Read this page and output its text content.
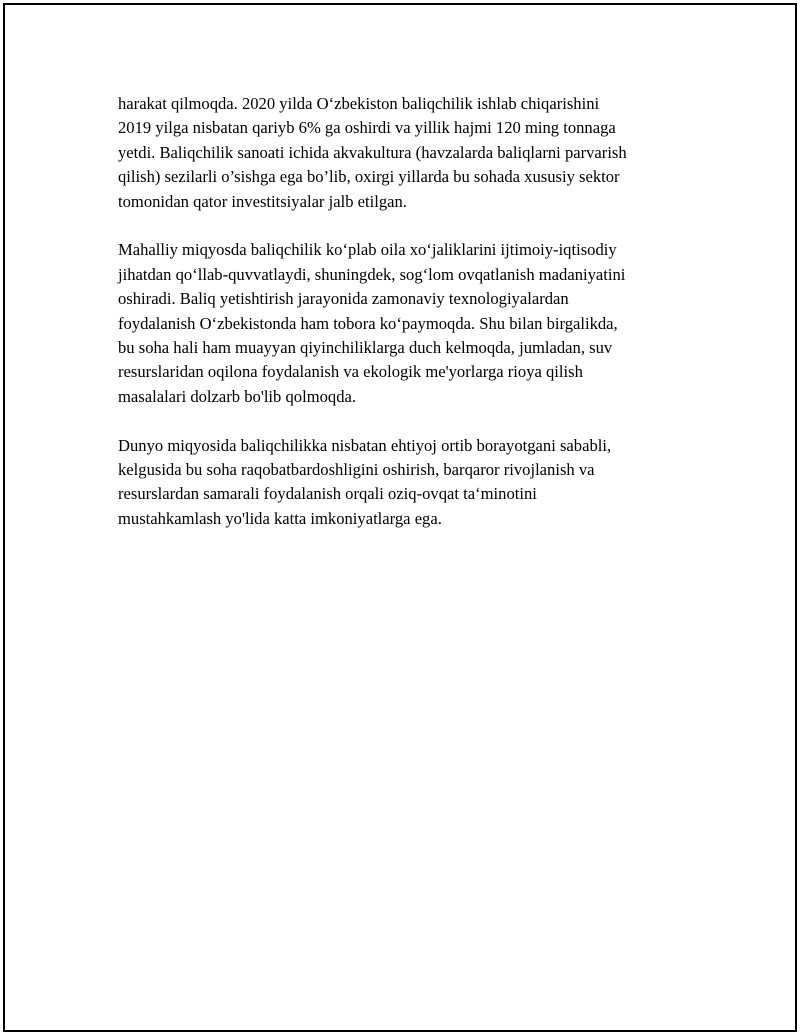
harakat qilmoqda. 2020 yilda O‘zbekiston baliqchilik ishlab chiqarishini
2019 yilga nisbatan qariyb 6% ga oshirdi va yillik hajmi 120 ming tonnaga
yetdi. Baliqchilik sanoati ichida akvakultura (havzalarda baliqlarni parvarish
qilish) sezilarli o’sishga ega bo’lib, oxirgi yillarda bu sohada xususiy sektor
tomonidan qator investitsiyalar jalb etilgan.

Mahalliy miqyosda baliqchilik ko‘plab oila xo‘jaliklarini ijtimoiy-iqtisodiy
jihatdan qo‘llab-quvvatlaydi, shuningdek, sog‘lom ovqatlanish madaniyatini
oshiradi. Baliq yetishtirish jarayonida zamonaviy texnologiyalardan
foydalanish O‘zbekistonda ham tobora ko‘paymoqda. Shu bilan birgalikda,
bu soha hali ham muayyan qiyinchiliklarga duch kelmoqda, jumladan, suv
resurslaridan oqilona foydalanish va ekologik me'yorlarga rioya qilish
masalalari dolzarb bo'lib qolmoqda.

Dunyo miqyosida baliqchilikka nisbatan ehtiyoj ortib borayotgani sababli,
kelgusida bu soha raqobatbardoshligini oshirish, barqaror rivojlanish va
resurslardan samarali foydalanish orqali oziq-ovqat ta‘minotini
mustahkamlash yo'lida katta imkoniyatlarga ega.
